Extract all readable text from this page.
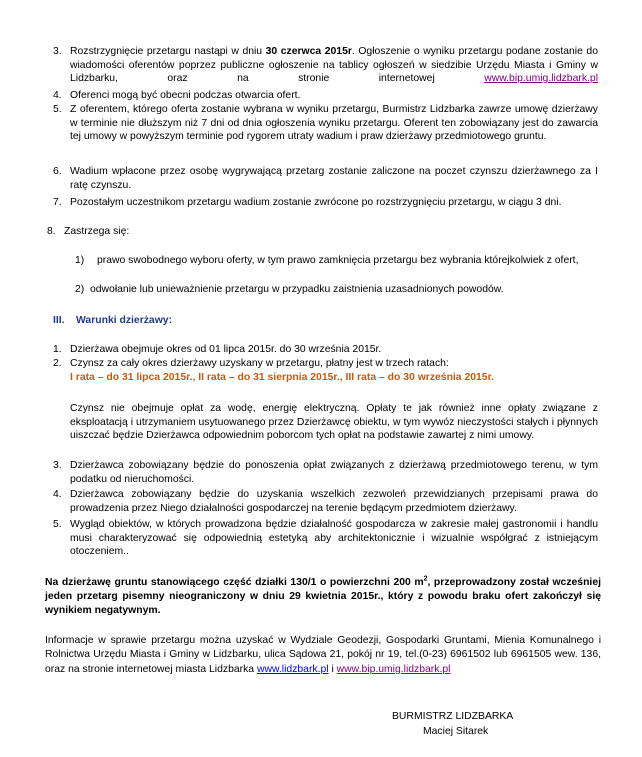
3. Rozstrzygnięcie przetargu nastąpi w dniu 30 czerwca 2015r. Ogłoszenie o wyniku przetargu podane zostanie do wiadomości oferentów poprzez publiczne ogłoszenie na tablicy ogłoszeń w siedzibie Urzędu Miasta i Gminy w Lidzbarku, oraz na stronie internetowej www.bip.umig.lidzbark.pl
4. Oferenci mogą być obecni podczas otwarcia ofert.
5. Z oferentem, którego oferta zostanie wybrana w wyniku przetargu, Burmistrz Lidzbarka zawrze umowę dzierżawy w terminie nie dłuższym niż 7 dni od dnia ogłoszenia wyniku przetargu. Oferent ten zobowiązany jest do zawarcia tej umowy w powyższym terminie pod rygorem utraty wadium i praw dzierżawy przedmiotowego gruntu.
6. Wadium wpłacone przez osobę wygrywającą przetarg zostanie zaliczone na poczet czynszu dzierżawnego za I ratę czynszu.
7. Pozostałym uczestnikom przetargu wadium zostanie zwrócone po rozstrzygnięciu przetargu, w ciągu 3 dni.
8. Zastrzega się:
1) prawo swobodnego wyboru oferty, w tym prawo zamknięcia przetargu bez wybrania którejkolwiek z ofert,
2) odwołanie lub unieważnienie przetargu w przypadku zaistnienia uzasadnionych powodów.
III. Warunki dzierżawy:
1. Dzierżawa obejmuje okres od 01 lipca 2015r. do 30 września 2015r.
2. Czynsz za cały okres dzierżawy uzyskany w przetargu, płatny jest w trzech ratach:
I rata – do 31 lipca 2015r., II rata – do 31 sierpnia 2015r., III rata – do 30 września 2015r.
Czynsz nie obejmuje opłat za wodę, energię elektryczną. Opłaty te jak również inne opłaty związane z eksploatacją i utrzymaniem usytuowanego przez Dzierżawcę obiektu, w tym wywóz nieczystości stałych i płynnych uiszczać będzie Dzierżawca odpowiednim poborcom tych opłat na podstawie zawartej z nimi umowy.
3. Dzierżawca zobowiązany będzie do ponoszenia opłat związanych z dzierżawą przedmiotowego terenu, w tym podatku od nieruchomości.
4. Dzierżawca zobowiązany będzie do uzyskania wszelkich zezwoleń przewidzianych przepisami prawa do prowadzenia przez Niego działalności gospodarczej na terenie będącym przedmiotem dzierżawy.
5. Wygląd obiektów, w których prowadzona będzie działalność gospodarcza w zakresie małej gastronomii i handlu musi charakteryzować się odpowiednią estetyką aby architektonicznie i wizualnie współgrać z istniejącym otoczeniem..
Na dzierżawę gruntu stanowiącego część działki 130/1 o powierzchni 200 $m^2$, przeprowadzony został wcześniej jeden przetarg pisemny nieograniczony w dniu 29 kwietnia 2015r., który z powodu braku ofert zakończył się wynikiem negatywnym.
Informacje w sprawie przetargu można uzyskać w Wydziale Geodezji, Gospodarki Gruntami, Mienia Komunalnego i Rolnictwa Urzędu Miasta i Gminy w Lidzbarku, ulica Sądowa 21, pokój nr 19, tel.(0-23) 6961502 lub 6961505 wew. 136, oraz na stronie internetowej miasta Lidzbarka www.lidzbark.pl i www.bip.umig.lidzbark.pl
BURMISTRZ LIDZBARKA
Maciej Sitarek
